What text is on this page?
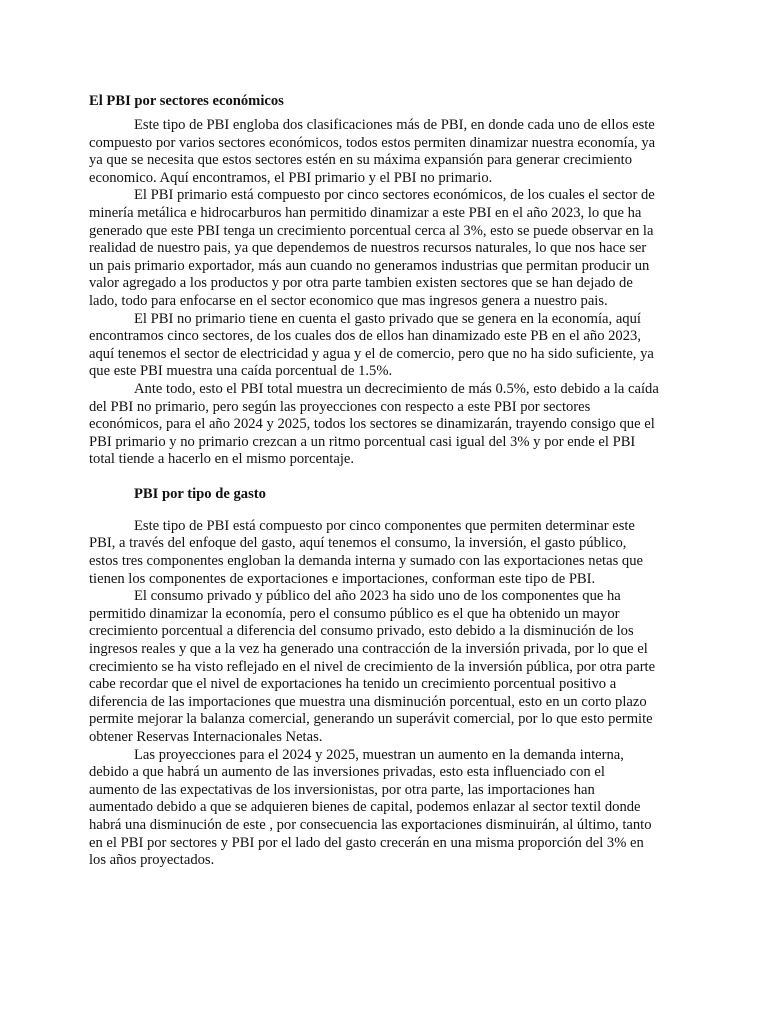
El PBI por sectores económicos

Este tipo de PBI engloba dos clasificaciones más de PBI, en donde cada uno de ellos este
compuesto por varios sectores económicos, todos estos permiten dinamizar nuestra economía, ya
ya que se necesita que estos sectores estén en su máxima expansión para generar crecimiento
economico. Aquí encontramos, el PBI primario y el PBI no primario.

El PBI primario está compuesto por cinco sectores económicos, de los cuales el sector de
minería metálica e hidrocarburos han permitido dinamizar a este PBI en el año 2023, lo que ha
generado que este PBI tenga un crecimiento porcentual cerca al 3%, esto se puede observar en la
realidad de nuestro pais, ya que dependemos de nuestros recursos naturales, lo que nos hace ser
un pais primario exportador, más aun cuando no generamos industrias que permitan producir un
valor agregado a los productos y por otra parte tambien existen sectores que se han dejado de
lado, todo para enfocarse en el sector economico que mas ingresos genera a nuestro pais.

El PBI no primario tiene en cuenta el gasto privado que se genera en la economía, aquí
encontramos cinco sectores, de los cuales dos de ellos han dinamizado este PB en el año 2023,
aquí tenemos el sector de electricidad y agua y el de comercio, pero que no ha sido suficiente, ya
que este PBI muestra una caída porcentual de 1.5%.

Ante todo, esto el PBI total muestra un decrecimiento de más 0.5%, esto debido a la caída
del PBI no primario, pero según las proyecciones con respecto a este PBI por sectores
económicos, para el año 2024 y 2025, todos los sectores se dinamizarán, trayendo consigo que el
PBI primario y no primario crezcan a un ritmo porcentual casi igual del 3% y por ende el PBI
total tiende a hacerlo en el mismo porcentaje.

PBI por tipo de gasto

Este tipo de PBI está compuesto por cinco componentes que permiten determinar este
PBI, a través del enfoque del gasto, aquí tenemos el consumo, la inversión, el gasto público,
estos tres componentes engloban la demanda interna y sumado con las exportaciones netas que
tienen los componentes de exportaciones e importaciones, conforman este tipo de PBI.

El consumo privado y público del año 2023 ha sido uno de los componentes que ha
permitido dinamizar la economía, pero el consumo público es el que ha obtenido un mayor
crecimiento porcentual a diferencia del consumo privado, esto debido a la disminución de los
ingresos reales y que a la vez ha generado una contracción de la inversión privada, por lo que el
crecimiento se ha visto reflejado en el nivel de crecimiento de la inversión pública, por otra parte
cabe recordar que el nivel de exportaciones ha tenido un crecimiento porcentual positivo a
diferencia de las importaciones que muestra una disminución porcentual, esto en un corto plazo
permite mejorar la balanza comercial, generando un superávit comercial, por lo que esto permite
obtener Reservas Internacionales Netas.

Las proyecciones para el 2024 y 2025, muestran un aumento en la demanda interna,
debido a que habrá un aumento de las inversiones privadas, esto esta influenciado con el
aumento de las expectativas de los inversionistas, por otra parte, las importaciones han
aumentado debido a que se adquieren bienes de capital, podemos enlazar al sector textil donde
habrá una disminución de este , por consecuencia las exportaciones disminuirán, al último, tanto
en el PBI por sectores y PBI por el lado del gasto crecerán en una misma proporción del 3% en
los años proyectados.
